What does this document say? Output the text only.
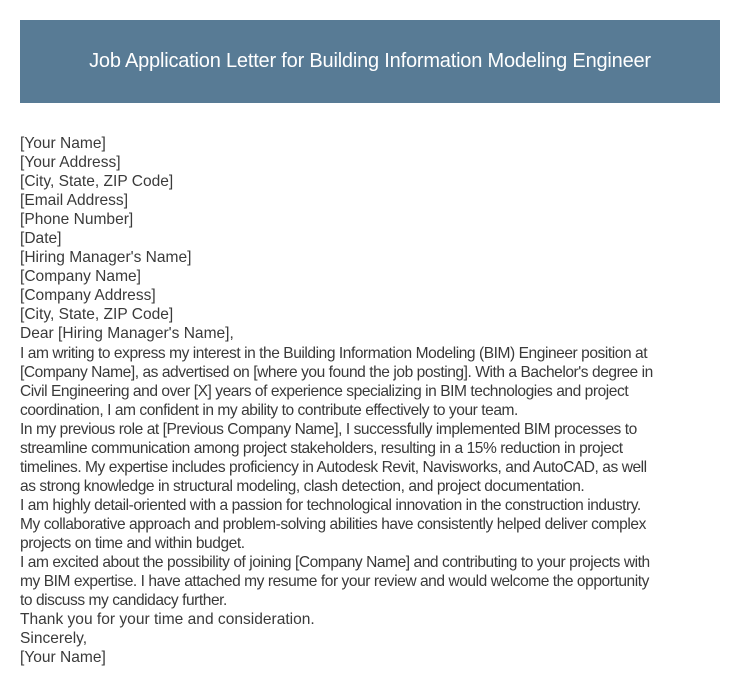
Job Application Letter for Building Information Modeling Engineer
[Your Name]
[Your Address]
[City, State, ZIP Code]
[Email Address]
[Phone Number]
[Date]
[Hiring Manager's Name]
[Company Name]
[Company Address]
[City, State, ZIP Code]
Dear [Hiring Manager's Name],
I am writing to express my interest in the Building Information Modeling (BIM) Engineer position at
[Company Name], as advertised on [where you found the job posting]. With a Bachelor's degree in
Civil Engineering and over [X] years of experience specializing in BIM technologies and project
coordination, I am confident in my ability to contribute effectively to your team.
In my previous role at [Previous Company Name], I successfully implemented BIM processes to
streamline communication among project stakeholders, resulting in a 15% reduction in project
timelines. My expertise includes proficiency in Autodesk Revit, Navisworks, and AutoCAD, as well
as strong knowledge in structural modeling, clash detection, and project documentation.
I am highly detail-oriented with a passion for technological innovation in the construction industry.
My collaborative approach and problem-solving abilities have consistently helped deliver complex
projects on time and within budget.
I am excited about the possibility of joining [Company Name] and contributing to your projects with
my BIM expertise. I have attached my resume for your review and would welcome the opportunity
to discuss my candidacy further.
Thank you for your time and consideration.
Sincerely,
[Your Name]
